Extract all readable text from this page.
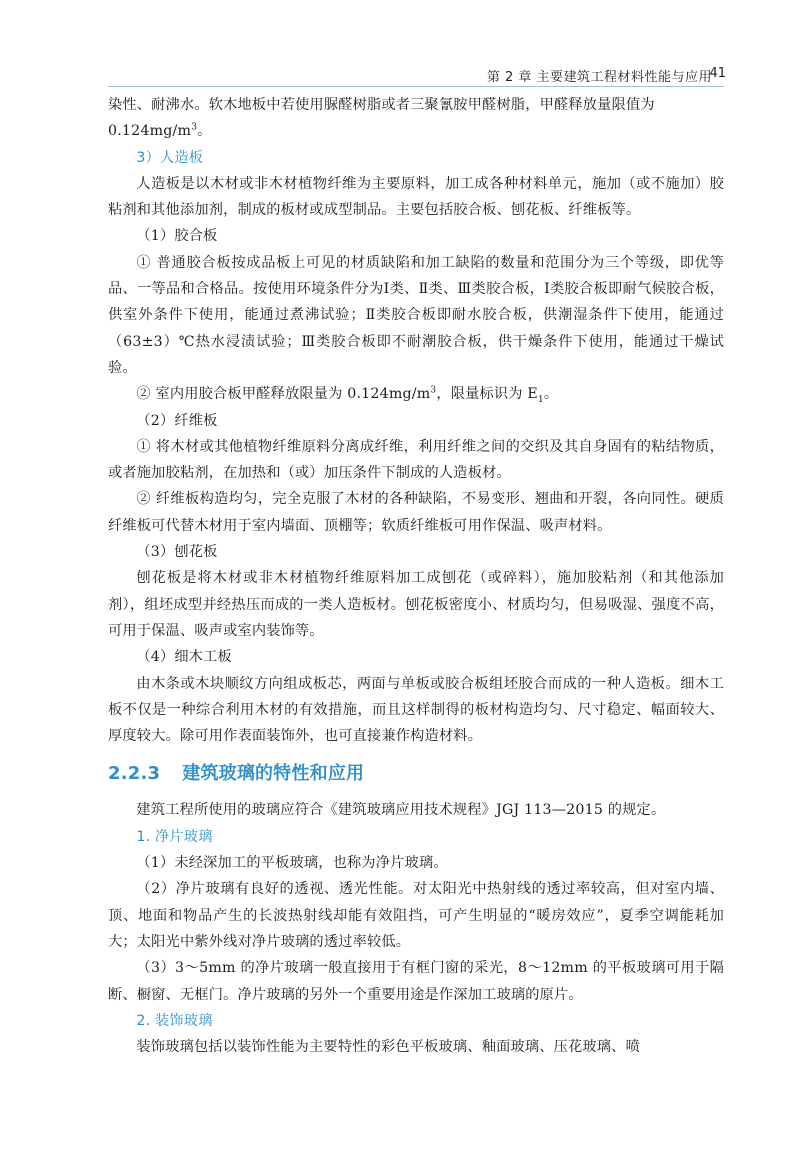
第 2 章 主要建筑工程材料性能与应用
41

染性、耐沸水。软木地板中若使用脲醛树脂或者三聚氰胺甲醛树脂，甲醛释放量限值为
$0.124mg/m^3$。

3）人造板

人造板是以木材或非木材植物纤维为主要原料，加工成各种材料单元，施加（或不施加）胶粘剂和其他添加剂，制成的板材或成型制品。主要包括胶合板、刨花板、纤维板等。

（1）胶合板

① 普通胶合板按成品板上可见的材质缺陷和加工缺陷的数量和范围分为三个等级，即优等品、一等品和合格品。按使用环境条件分为Ⅰ类、Ⅱ类、Ⅲ类胶合板，Ⅰ类胶合板即耐气候胶合板，供室外条件下使用，能通过煮沸试验；Ⅱ类胶合板即耐水胶合板，供潮湿条件下使用，能通过（63±3）℃热水浸渍试验；Ⅲ类胶合板即不耐潮胶合板，供干燥条件下使用，能通过干燥试验。

② 室内用胶合板甲醛释放限量为 $0.124mg/m^3$，限量标识为 $E_1$。

（2）纤维板

① 将木材或其他植物纤维原料分离成纤维，利用纤维之间的交织及其自身固有的粘结物质，或者施加胶粘剂，在加热和（或）加压条件下制成的人造板材。

② 纤维板构造均匀，完全克服了木材的各种缺陷，不易变形、翘曲和开裂，各向同性。硬质纤维板可代替木材用于室内墙面、顶棚等；软质纤维板可用作保温、吸声材料。

（3）刨花板

刨花板是将木材或非木材植物纤维原料加工成刨花（或碎料），施加胶粘剂（和其他添加剂），组坯成型并经热压而成的一类人造板材。刨花板密度小、材质均匀，但易吸湿、强度不高，可用于保温、吸声或室内装饰等。

（4）细木工板

由木条或木块顺纹方向组成板芯，两面与单板或胶合板组坯胶合而成的一种人造板。细木工板不仅是一种综合利用木材的有效措施，而且这样制得的板材构造均匀、尺寸稳定、幅面较大、厚度较大。除可用作表面装饰外，也可直接兼作构造材料。

2.2.3 建筑玻璃的特性和应用

建筑工程所使用的玻璃应符合《建筑玻璃应用技术规程》JGJ 113—2015 的规定。

1. 净片玻璃

（1）未经深加工的平板玻璃，也称为净片玻璃。

（2）净片玻璃有良好的透视、透光性能。对太阳光中热射线的透过率较高，但对室内墙、顶、地面和物品产生的长波热射线却能有效阻挡，可产生明显的“暖房效应”，夏季空调能耗加大；太阳光中紫外线对净片玻璃的透过率较低。

（3）3～5mm 的净片玻璃一般直接用于有框门窗的采光，8～12mm 的平板玻璃可用于隔断、橱窗、无框门。净片玻璃的另外一个重要用途是作深加工玻璃的原片。

2. 装饰玻璃

装饰玻璃包括以装饰性能为主要特性的彩色平板玻璃、釉面玻璃、压花玻璃、喷
